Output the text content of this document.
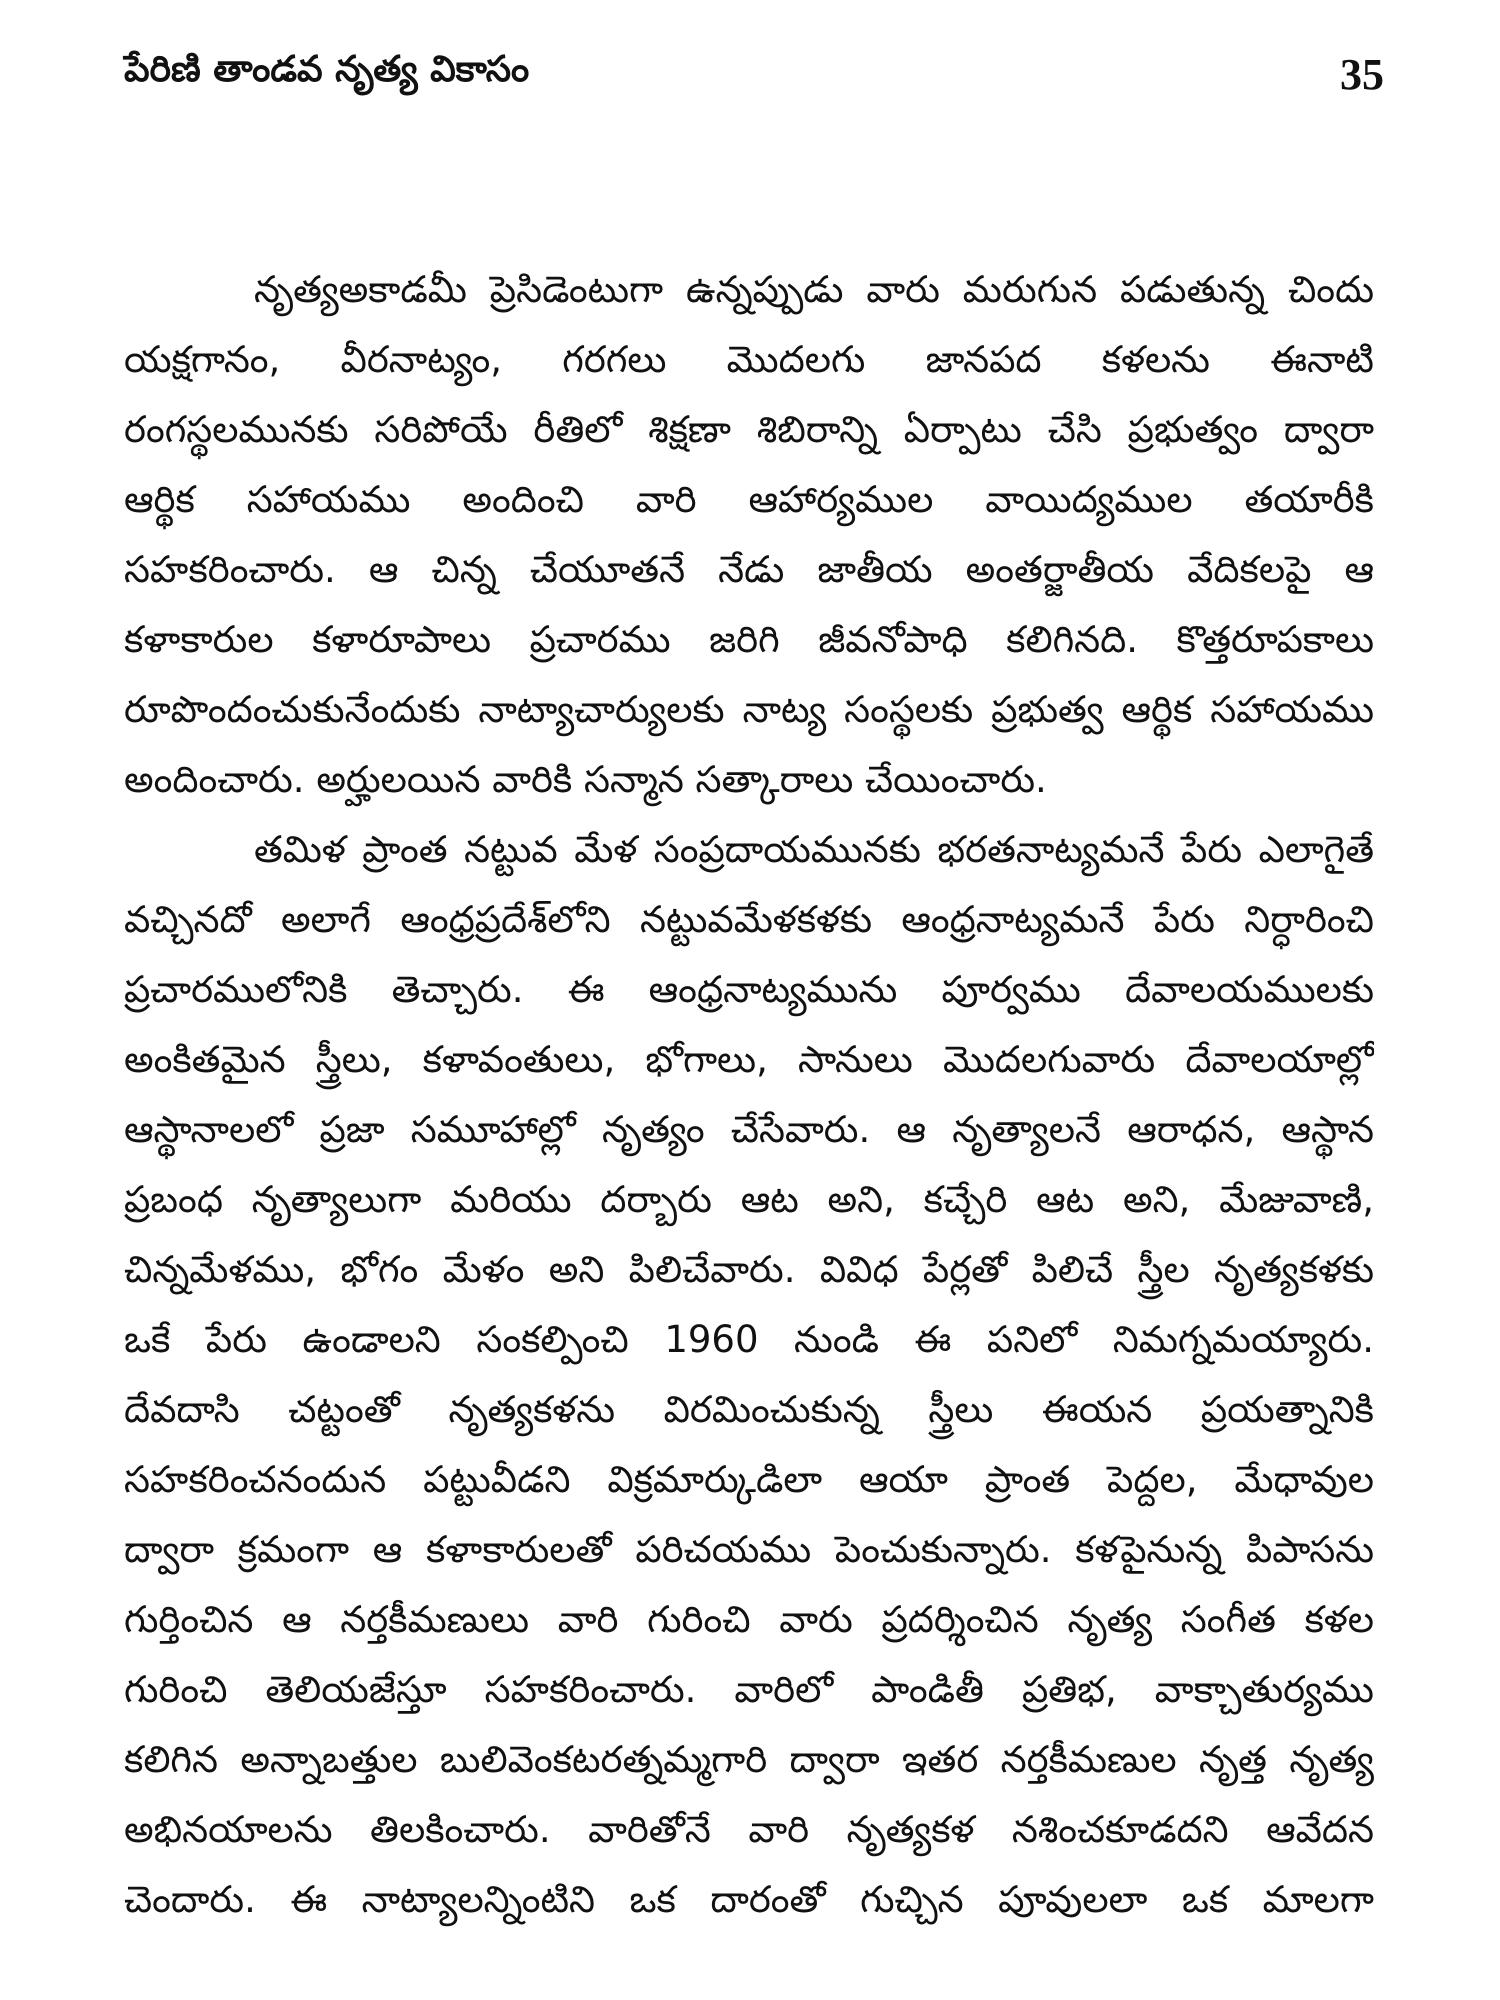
పేరిణి తాండవ నృత్య వికాసం	35
నృత్యఅకాడమీ ప్రెసిడెంటుగా ఉన్నప్పుడు వారు మరుగున పడుతున్న చిందు
యక్షగానం, వీరనాట్యం, గరగలు మొదలగు జానపద కళలను ఈనాటి
రంగస్థలమునకు సరిపోయే రీతిలో శిక్షణా శిబిరాన్ని ఏర్పాటు చేసి ప్రభుత్వం ద్వారా
ఆర్థిక సహాయము అందించి వారి ఆహార్యముల వాయిద్యముల తయారీకి
సహకరించారు. ఆ చిన్న చేయూతనే నేడు జాతీయ అంతర్జాతీయ వేదికలపై ఆ
కళాకారుల కళారూపాలు ప్రచారము జరిగి జీవనోపాధి కలిగినది. కొత్తరూపకాలు
రూపొందంచుకునేందుకు నాట్యాచార్యులకు నాట్య సంస్థలకు ప్రభుత్వ ఆర్థిక సహాయము
అందించారు. అర్హులయిన వారికి సన్మాన సత్కారాలు చేయించారు.
తమిళ ప్రాంత నట్టువ మేళ సంప్రదాయమునకు భరతనాట్యమనే పేరు ఎలాగైతే
వచ్చినదో అలాగే ఆంధ్రప్రదేశ్‌లోని నట్టువమేళకళకు ఆంధ్రనాట్యమనే పేరు నిర్ధారించి
ప్రచారములోనికి తెచ్చారు. ఈ ఆంధ్రనాట్యమును పూర్వము దేవాలయములకు
అంకితమైన స్త్రీలు, కళావంతులు, భోగాలు, సానులు మొదలగువారు దేవాలయాల్లో
ఆస్థానాలలో ప్రజా సమూహాల్లో నృత్యం చేసేవారు. ఆ నృత్యాలనే ఆరాధన, ఆస్థాన
ప్రబంధ నృత్యాలుగా మరియు దర్బారు ఆట అని, కచ్చేరి ఆట అని, మేజువాణి,
చిన్నమేళము, భోగం మేళం అని పిలిచేవారు. వివిధ పేర్లతో పిలిచే స్త్రీల నృత్యకళకు
ఒకే పేరు ఉండాలని సంకల్పించి 1960 నుండి ఈ పనిలో నిమగ్నమయ్యారు.
దేవదాసి చట్టంతో నృత్యకళను విరమించుకున్న స్త్రీలు ఈయన ప్రయత్నానికి
సహకరించనందున పట్టువీడని విక్రమార్కుడిలా ఆయా ప్రాంత పెద్దల, మేధావుల
ద్వారా క్రమంగా ఆ కళాకారులతో పరిచయము పెంచుకున్నారు. కళపైనున్న పిపాసను
గుర్తించిన ఆ నర్తకీమణులు వారి గురించి వారు ప్రదర్శించిన నృత్య సంగీత కళల
గురించి తెలియజేస్తూ సహకరించారు. వారిలో పాండితీ ప్రతిభ, వాక్చాతుర్యము
కలిగిన అన్నాబత్తుల బులివెంకటరత్నమ్మగారి ద్వారా ఇతర నర్తకీమణుల నృత్త నృత్య
అభినయాలను తిలకించారు. వారితోనే వారి నృత్యకళ నశించకూడదని ఆవేదన
చెందారు. ఈ నాట్యాలన్నింటిని ఒక దారంతో గుచ్చిన పూవులలా ఒక మాలగా
